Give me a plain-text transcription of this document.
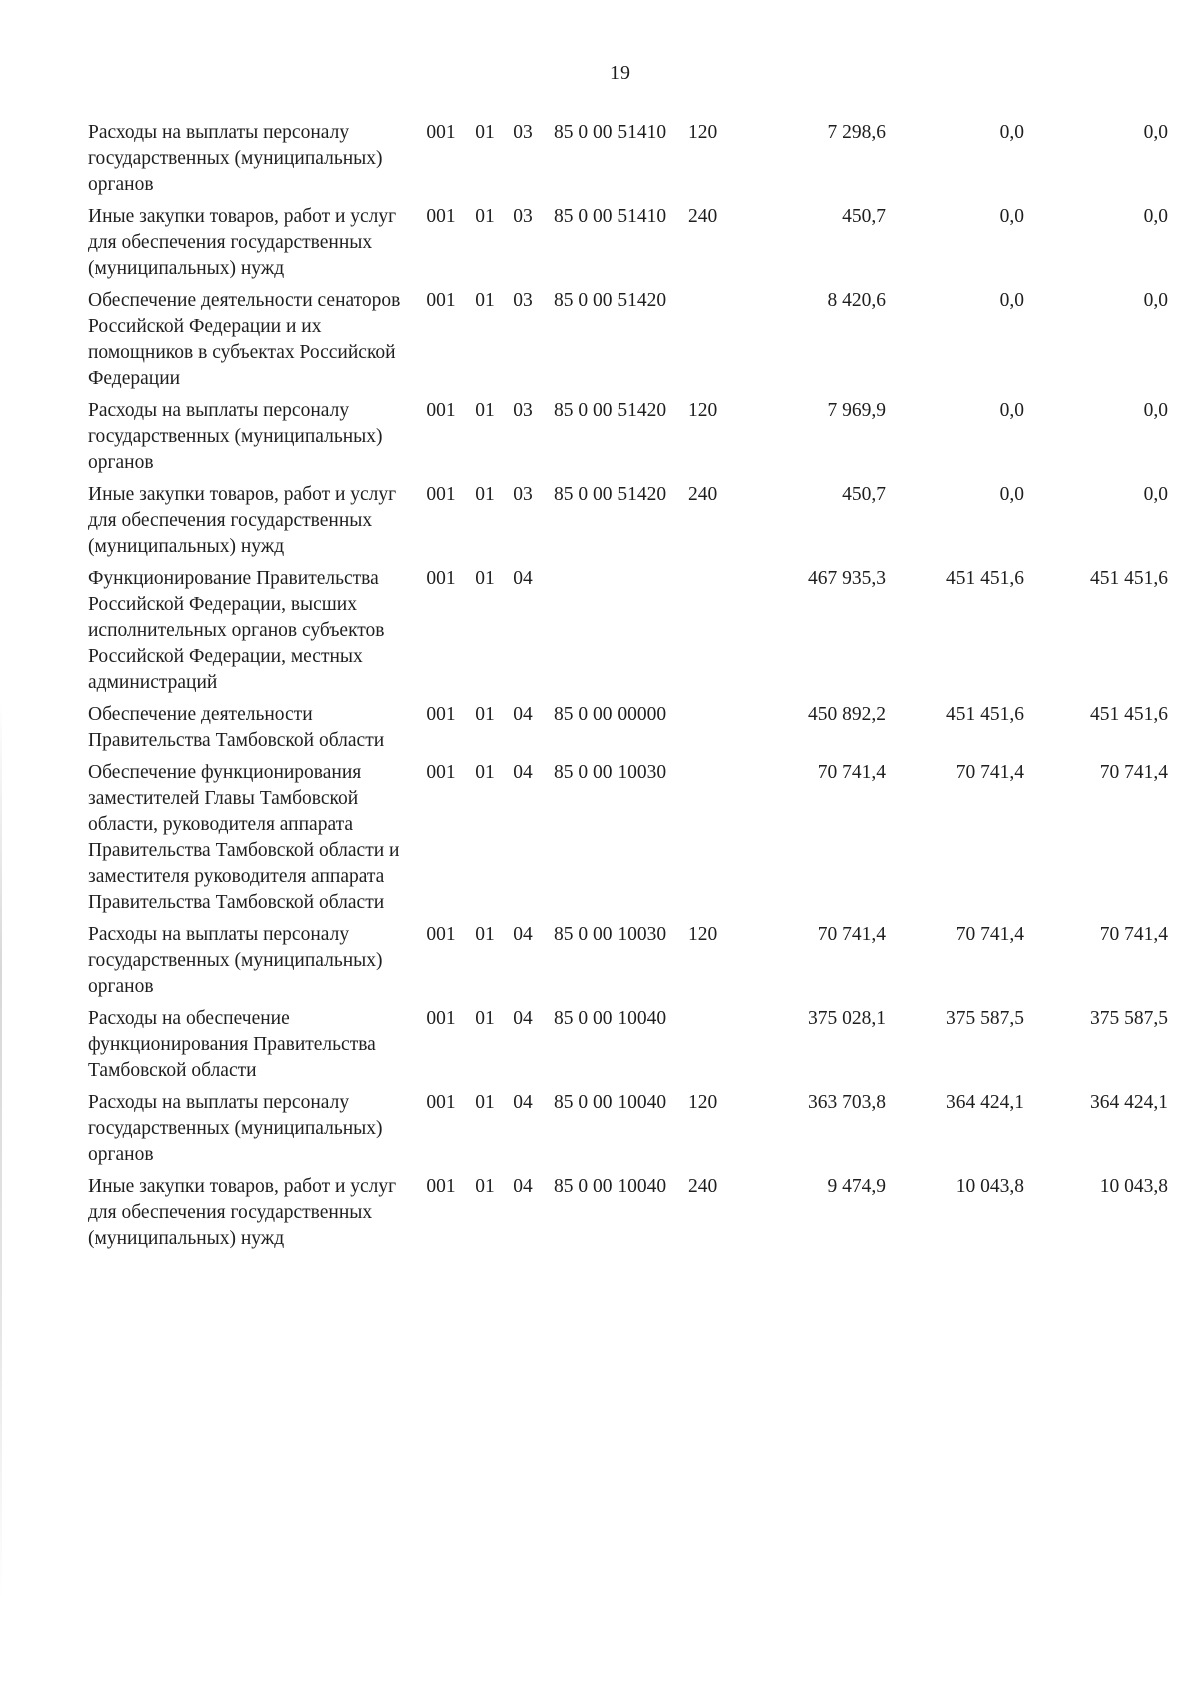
19
Расходы на выплаты персоналу государственных (муниципальных) органов	001	01	03	85 0 00 51410	120	7 298,6	0,0	0,0
Иные закупки товаров, работ и услуг для обеспечения государственных (муниципальных) нужд	001	01	03	85 0 00 51410	240	450,7	0,0	0,0
Обеспечение деятельности сенаторов Российской Федерации и их помощников в субъектах Российской Федерации	001	01	03	85 0 00 51420		8 420,6	0,0	0,0
Расходы на выплаты персоналу государственных (муниципальных) органов	001	01	03	85 0 00 51420	120	7 969,9	0,0	0,0
Иные закупки товаров, работ и услуг для обеспечения государственных (муниципальных) нужд	001	01	03	85 0 00 51420	240	450,7	0,0	0,0
Функционирование Правительства Российской Федерации, высших исполнительных органов субъектов Российской Федерации, местных администраций	001	01	04			467 935,3	451 451,6	451 451,6
Обеспечение деятельности Правительства Тамбовской области	001	01	04	85 0 00 00000		450 892,2	451 451,6	451 451,6
Обеспечение функционирования заместителей Главы Тамбовской области, руководителя аппарата Правительства Тамбовской области и заместителя руководителя аппарата Правительства Тамбовской области	001	01	04	85 0 00 10030		70 741,4	70 741,4	70 741,4
Расходы на выплаты персоналу государственных (муниципальных) органов	001	01	04	85 0 00 10030	120	70 741,4	70 741,4	70 741,4
Расходы на обеспечение функционирования Правительства Тамбовской области	001	01	04	85 0 00 10040		375 028,1	375 587,5	375 587,5
Расходы на выплаты персоналу государственных (муниципальных) органов	001	01	04	85 0 00 10040	120	363 703,8	364 424,1	364 424,1
Иные закупки товаров, работ и услуг для обеспечения государственных (муниципальных) нужд	001	01	04	85 0 00 10040	240	9 474,9	10 043,8	10 043,8
